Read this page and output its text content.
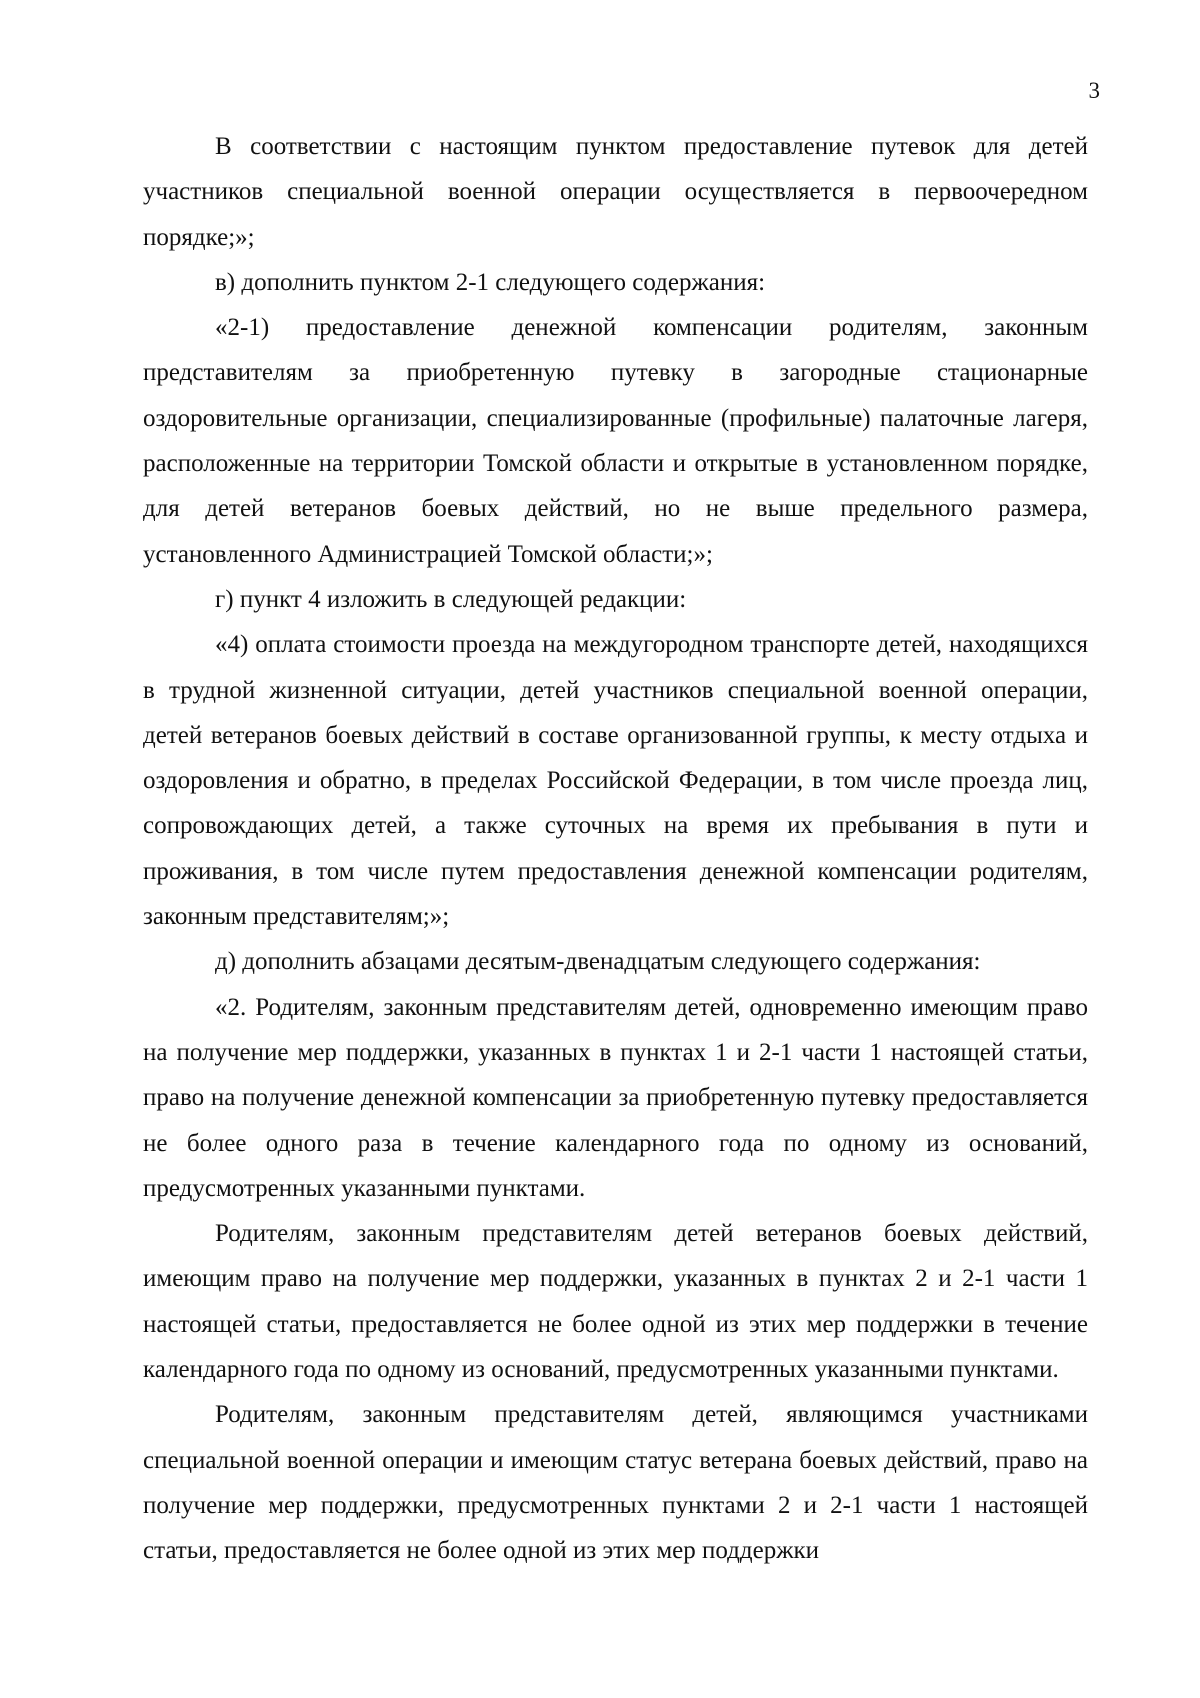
3

В соответствии с настоящим пунктом предоставление путевок для детей участников специальной военной операции осуществляется в первоочередном порядке;»;

в) дополнить пунктом 2-1 следующего содержания:

«2-1) предоставление денежной компенсации родителям, законным представителям за приобретенную путевку в загородные стационарные оздоровительные организации, специализированные (профильные) палаточные лагеря, расположенные на территории Томской области и открытые в установленном порядке, для детей ветеранов боевых действий, но не выше предельного размера, установленного Администрацией Томской области;»;

г) пункт 4 изложить в следующей редакции:

«4) оплата стоимости проезда на междугородном транспорте детей, находящихся в трудной жизненной ситуации, детей участников специальной военной операции, детей ветеранов боевых действий в составе организованной группы, к месту отдыха и оздоровления и обратно, в пределах Российской Федерации, в том числе проезда лиц, сопровождающих детей, а также суточных на время их пребывания в пути и проживания, в том числе путем предоставления денежной компенсации родителям, законным представителям;»;

д) дополнить абзацами десятым-двенадцатым следующего содержания:

«2. Родителям, законным представителям детей, одновременно имеющим право на получение мер поддержки, указанных в пунктах 1 и 2-1 части 1 настоящей статьи, право на получение денежной компенсации за приобретенную путевку предоставляется не более одного раза в течение календарного года по одному из оснований, предусмотренных указанными пунктами.

Родителям, законным представителям детей ветеранов боевых действий, имеющим право на получение мер поддержки, указанных в пунктах 2 и 2-1 части 1 настоящей статьи, предоставляется не более одной из этих мер поддержки в течение календарного года по одному из оснований, предусмотренных указанными пунктами.

Родителям, законным представителям детей, являющимся участниками специальной военной операции и имеющим статус ветерана боевых действий, право на получение мер поддержки, предусмотренных пунктами 2 и 2-1 части 1 настоящей статьи, предоставляется не более одной из этих мер поддержки
